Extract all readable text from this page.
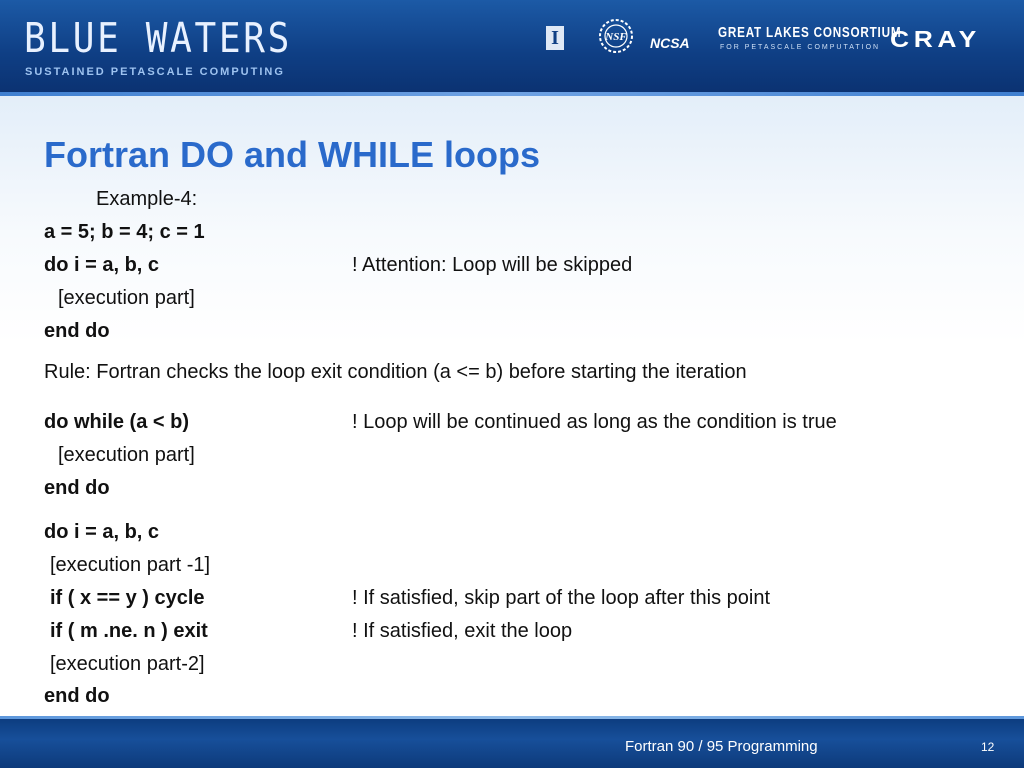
BLUE WATERS
SUSTAINED PETASCALE COMPUTING
I	NSF NCSA
GREAT LAKES CONSORTIUM
FOR PETASCALE COMPUTATION CRAY
Fortran DO and WHILE loops
Example-4:
a = 5; b = 4; c = 1
do i = a, b, c	! Attention: Loop will be skipped
[execution part]
end do
Rule: Fortran checks the loop exit condition (a <= b) before starting the iteration
do while (a < b)	! Loop will be continued as long as the condition is true
[execution part]
end do
do i = a, b, c
[execution part -1]
if ( x == y ) cycle	! If satisfied, skip part of the loop after this point
if ( m .ne. n ) exit	! If satisfied, exit the loop
[execution part-2]
end do
Fortran 90 / 95 Programming	12
